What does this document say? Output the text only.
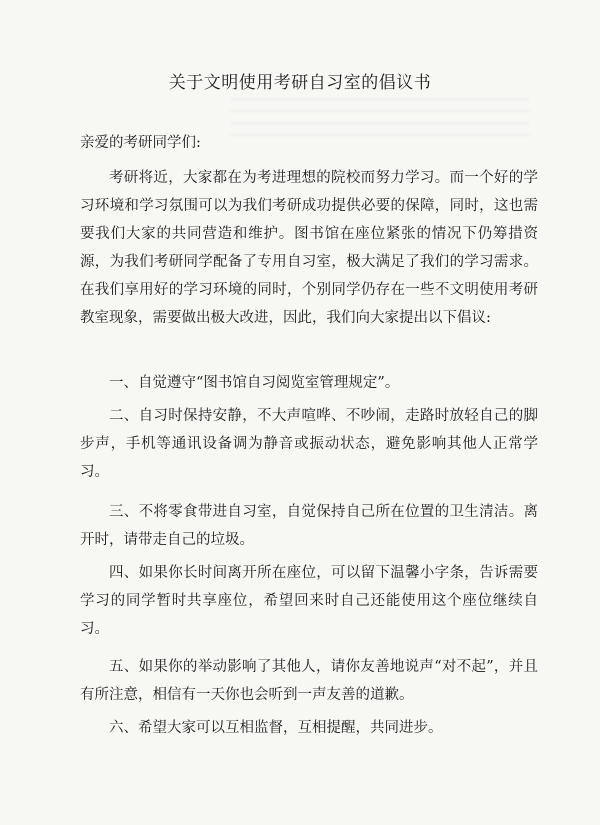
关于文明使用考研自习室的倡议书
亲爱的考研同学们:

考研将近，大家都在为考进理想的院校而努力学习。而一个好的学习环境和学习氛围可以为我们考研成功提供必要的保障，同时，这也需要我们大家的共同营造和维护。图书馆在座位紧张的情况下仍筹措资源，为我们考研同学配备了专用自习室，极大满足了我们的学习需求。在我们享用好的学习环境的同时，个别同学仍存在一些不文明使用考研教室现象，需要做出极大改进，因此，我们向大家提出以下倡议:

一、自觉遵守“图书馆自习阅览室管理规定”。

二、自习时保持安静，不大声喧哗、不吵闹，走路时放轻自己的脚步声，手机等通讯设备调为静音或振动状态，避免影响其他人正常学习。

三、不将零食带进自习室，自觉保持自己所在位置的卫生清洁。离开时，请带走自己的垃圾。

四、如果你长时间离开所在座位，可以留下温馨小字条，告诉需要学习的同学暂时共享座位，希望回来时自己还能使用这个座位继续自习。

五、如果你的举动影响了其他人，请你友善地说声“对不起”，并且有所注意，相信有一天你也会听到一声友善的道歉。

六、希望大家可以互相监督，互相提醒，共同进步。
